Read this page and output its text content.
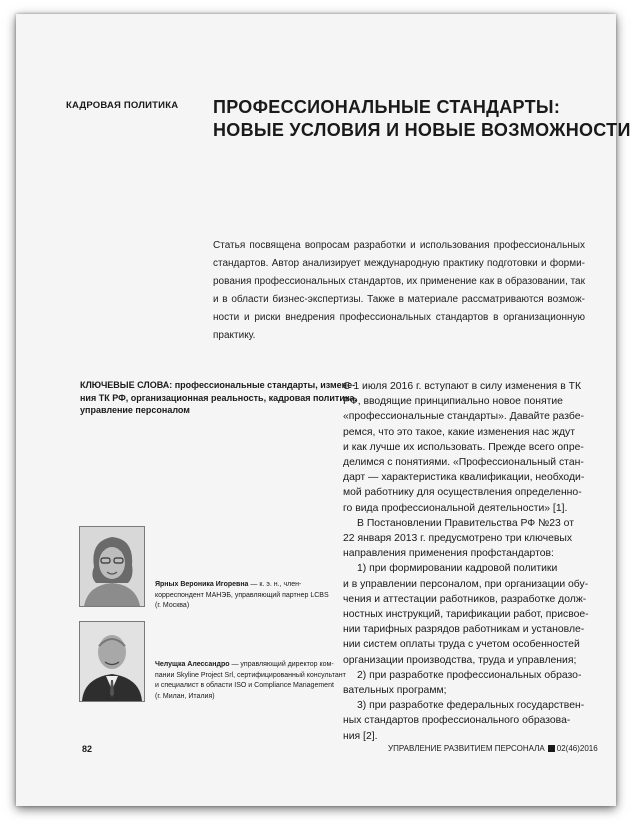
КАДРОВАЯ ПОЛИТИКА ПРОФЕССИОНАЛЬНЫЕ СТАНДАРТЫ:
НОВЫЕ УСЛОВИЯ И НОВЫЕ ВОЗМОЖНОСТИ
Статья посвящена вопросам разработки и использования профессиональных
стандартов. Автор анализирует международную практику подготовки и форми-
рования профессиональных стандартов, их применение как в образовании, так
и в области бизнес-экспертизы. Также в материале рассматриваются возмож-
ности и риски внедрения профессиональных стандартов в организационную
практику.
КЛЮЧЕВЫЕ СЛОВА: профессиональные стандарты, измене-
ния ТК РФ, организационная реальность, кадровая политика,
управление персоналом
С 1 июля 2016 г. вступают в силу изменения в ТК
РФ, вводящие принципиально новое понятие
«профессиональные стандарты». Давайте разбе-
ремся, что это такое, какие изменения нас ждут
и как лучше их использовать. Прежде всего опре-
делимся с понятиями. «Профессиональный стан-
дарт — характеристика квалификации, необходи-
мой работнику для осуществления определенно-
го вида профессиональной деятельности» [1].
В Постановлении Правительства РФ №23 от
22 января 2013 г. предусмотрено три ключевых
направления применения профстандартов:
1) при формировании кадровой политики
и в управлении персоналом, при организации обу-
чения и аттестации работников, разработке долж-
ностных инструкций, тарификации работ, присвое-
нии тарифных разрядов работникам и установле-
нии систем оплаты труда с учетом особенностей
организации производства, труда и управления;
2) при разработке профессиональных образо-
вательных программ;
3) при разработке федеральных государствен-
ных стандартов профессионального образова-
ния [2].
Ярных Вероника Игоревна — к. э. н., член-
корреспондент МАНЭБ, управляющий партнер LCBS
(г. Москва)
Челущка Алессандро — управляющий директор ком-
пании Skyline Project Srl, сертифицированный консультант
и специалист в области ISO и Compliance Management
(г. Милан, Италия)
82	УПРАВЛЕНИЕ РАЗВИТИЕМ ПЕРСОНАЛА 02(46)2016
